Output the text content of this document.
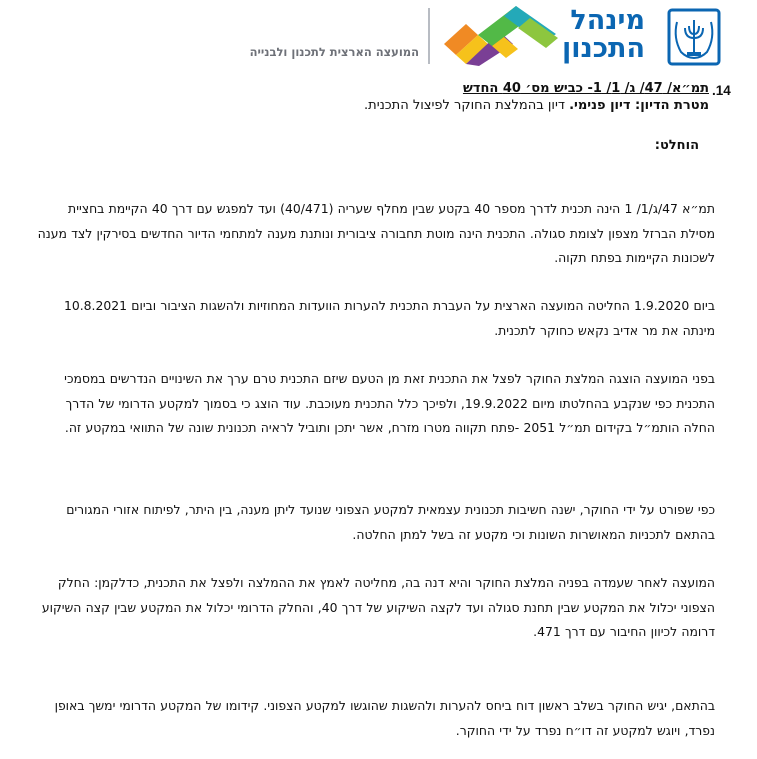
מינהל
התכנון
המועצה הארצית לתכנון ולבנייה
.14
תמ״א/ 47/ ג/ 1/ 1- כביש מס׳ 40 החדש
מטרת הדיון: דיון פנימי. דיון בהמלצת החוקר לפיצול התכנית.
הוחלט:
תמ״א 47/ג/1/ 1 הינה תכנית לדרך מספר 40 בקטע שבין מחלף שעריה (40/471) ועד למפגש עם דרך 40 הקיימת בחציית מסילת הברזל מצפון לצומת סגולה. התכנית הינה מוטת תחבורה ציבורית ונותנת מענה למתחמי הדיור החדשים בסירקין לצד מענה לשכונות הקיימות בפתח תקוה.
ביום 1.9.2020 החליטה המועצה הארצית על העברת התכנית להערות הוועדות המחוזיות ולהשגות הציבור וביום 10.8.2021 מינתה את מר אדיב נקאש כחוקר לתכנית.
בפני המועצה הוצגה המלצת החוקר לפצל את התכנית זאת מן הטעם שיזם התכנית טרם ערך את השינויים הנדרשים במסמכי התכנית כפי שנקבע בהחלטתו מיום 19.9.2022, ולפיכך כלל התכנית מעוכבת. עוד הוצג כי בסמוך למקטע הדרומי של הדרך החלה הותמ״ל בקידום תמ״ל 2051 -פתח תקווה מטרו מזרח, אשר יתכן ותוביל לראיה תכנונית שונה של התוואי במקטע זה.
כפי שפורט על ידי החוקר, ישנה חשיבות תכנונית עצמאית למקטע הצפוני שנועד ליתן מענה, בין היתר, לפיתוח אזורי המגורים בהתאם לתכניות המאושרות השונות וכי מקטע זה בשל למתן החלטה.
המועצה לאחר שעמדה בפניה המלצת החוקר והיא דנה בה, מחליטה לאמץ את ההמלצה ולפצל את התכנית, כדלקמן: החלק הצפוני יכלול את המקטע שבין תחנת סגולה ועד לקצה השיקוע של דרך 40, והחלק הדרומי יכלול את המקטע שבין קצה השיקוע דרומה לכיוון החיבור עם דרך 471.
בהתאם, יגיש החוקר בשלב ראשון דוח ביחס להערות ולהשגות שהוגשו למקטע הצפוני. קידומו של המקטע הדרומי ימשך באופן נפרד, ויוגש למקטע זה דו״ח נפרד על ידי החוקר.
